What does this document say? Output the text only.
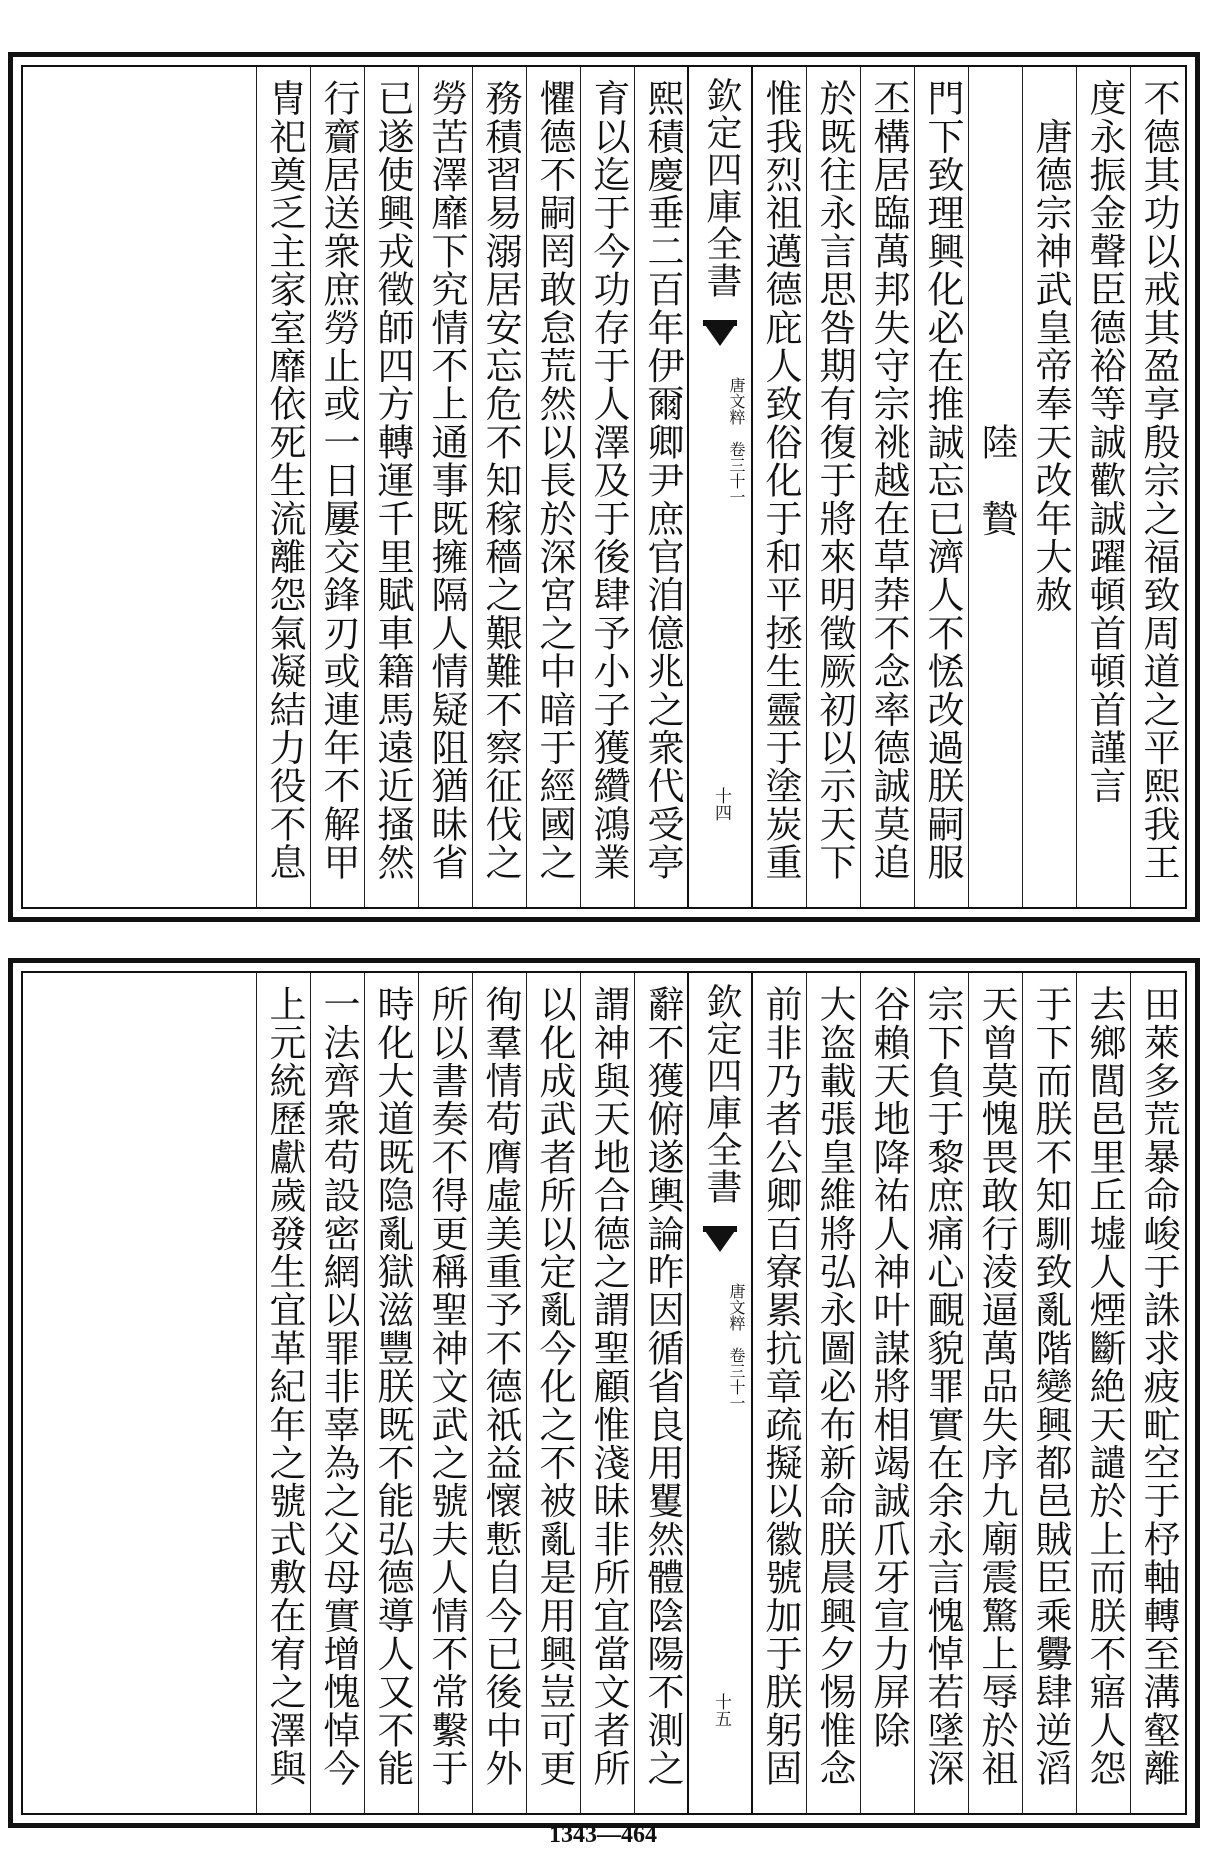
不德其功以戒其盈享殷宗之福致周道之平熙我王
度永振金聲臣德裕等誠歡誠躍頓首頓首謹言
　唐德宗神武皇帝奉天改年大赦
　　　　　　　　　陸　贄
門下致理興化必在推誠忘已濟人不恡改過朕嗣服
丕構居臨萬邦失守宗祧越在草莽不念率德誠莫追
於既往永言思咎期有復于將來明徵厥初以示天下
惟我烈祖邁德庇人致俗化于和平拯生靈于塗炭重
欽定四庫全書
唐文粹　卷三十一
十四
熙積慶垂二百年伊爾卿尹庶官洎億兆之衆代受亭
育以迄于今功存于人澤及于後肆予小子獲纘鴻業
懼德不嗣罔敢怠荒然以長於深宮之中暗于經國之
務積習易溺居安忘危不知稼穡之艱難不察征伐之
勞苦澤靡下究情不上通事既擁隔人情疑阻猶昧省
已遂使興戎徵師四方轉運千里賦車籍馬遠近搔然
行齎居送衆庶勞止或一日屢交鋒刃或連年不解甲
冑祀奠乏主家室靡依死生流離怨氣凝結力役不息
田萊多荒暴命峻于誅求疲甿空于杼軸轉至溝壑離
去鄉閭邑里丘墟人煙斷絶天譴於上而朕不寤人怨
于下而朕不知馴致亂階變興都邑賊臣乘釁肆逆滔
天曾莫愧畏敢行淩逼萬品失序九廟震驚上辱於祖
宗下負于黎庶痛心靦貌罪實在余永言愧悼若墜深
谷賴天地降祐人神叶謀將相竭誠爪牙宣力屏除
大盗載張皇維將弘永圖必布新命朕晨興夕惕惟念
前非乃者公卿百寮累抗章疏擬以徽號加于朕躬固
欽定四庫全書
唐文粹　卷三十一
十五
辭不獲俯遂輿論昨因循省良用矍然體陰陽不測之
謂神與天地合德之謂聖顧惟淺昧非所宜當文者所
以化成武者所以定亂今化之不被亂是用興豈可更
徇羣情苟膺虛美重予不德祇益懷慙自今已後中外
所以書奏不得更稱聖神文武之號夫人情不常繫于
時化大道既隐亂獄滋豐朕既不能弘德導人又不能
一法齊衆苟設密網以罪非辜為之父母實增愧悼今
上元統歷獻歲發生宜革紀年之號式敷在宥之澤與
1343—464
